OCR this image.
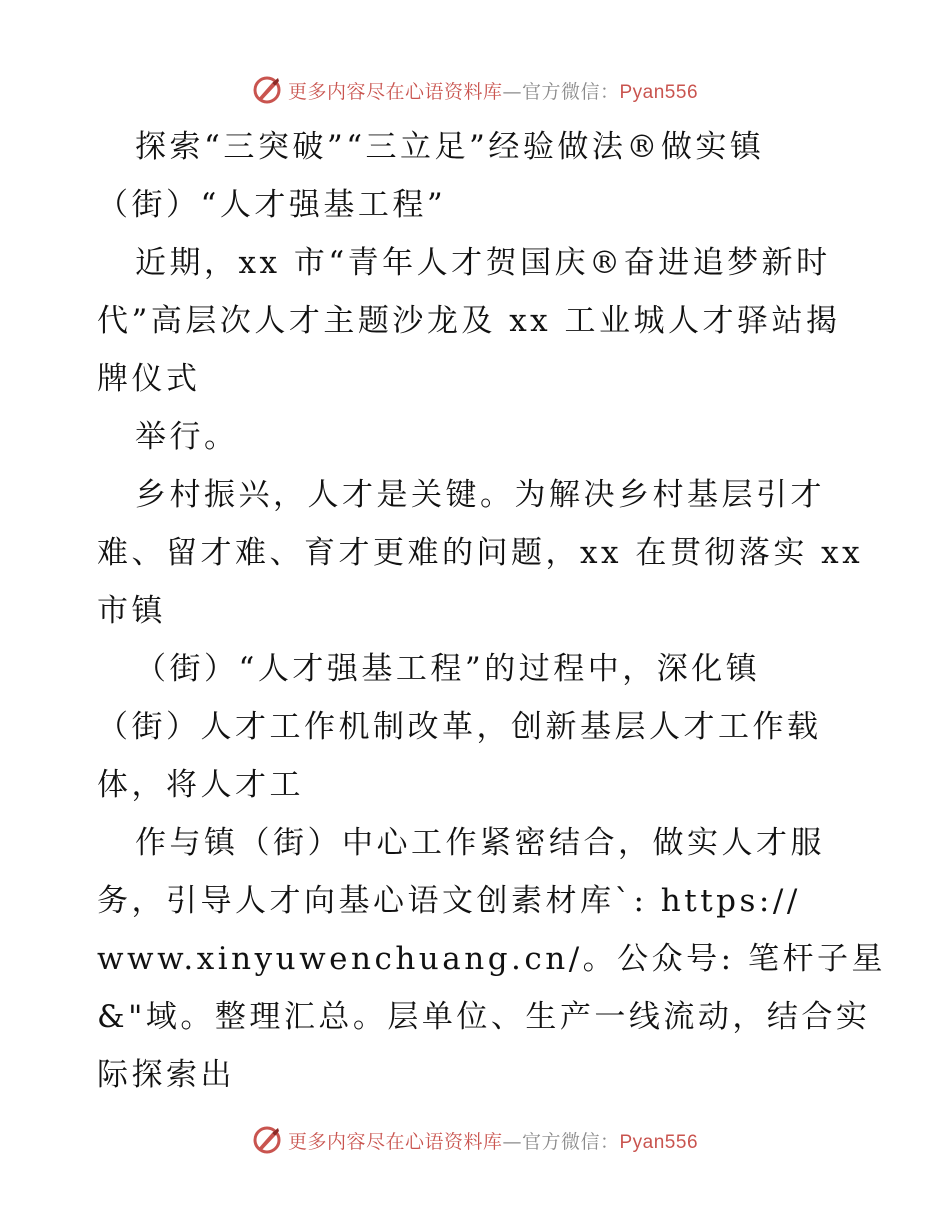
更多内容尽在心语资料库—官方微信：Pyan556
探索“三突破”“三立足”经验做法®做实镇
（街）“人才强基工程”
近期，xx 市“青年人才贺国庆®奋进追梦新时
代”高层次人才主题沙龙及 xx 工业城人才驿站揭
牌仪式
举行。
乡村振兴，人才是关键。为解决乡村基层引才
难、留才难、育才更难的问题，xx 在贯彻落实 xx
市镇
（街）“人才强基工程”的过程中，深化镇
（街）人才工作机制改革，创新基层人才工作载
体，将人才工
作与镇（街）中心工作紧密结合，做实人才服
务，引导人才向基心语文创素材库`: https://
www.xinyuwenchuang.cn/。公众号: 笔杆子星
&"域。整理汇总。层单位、生产一线流动，结合实
际探索出
更多内容尽在心语资料库—官方微信：Pyan556
